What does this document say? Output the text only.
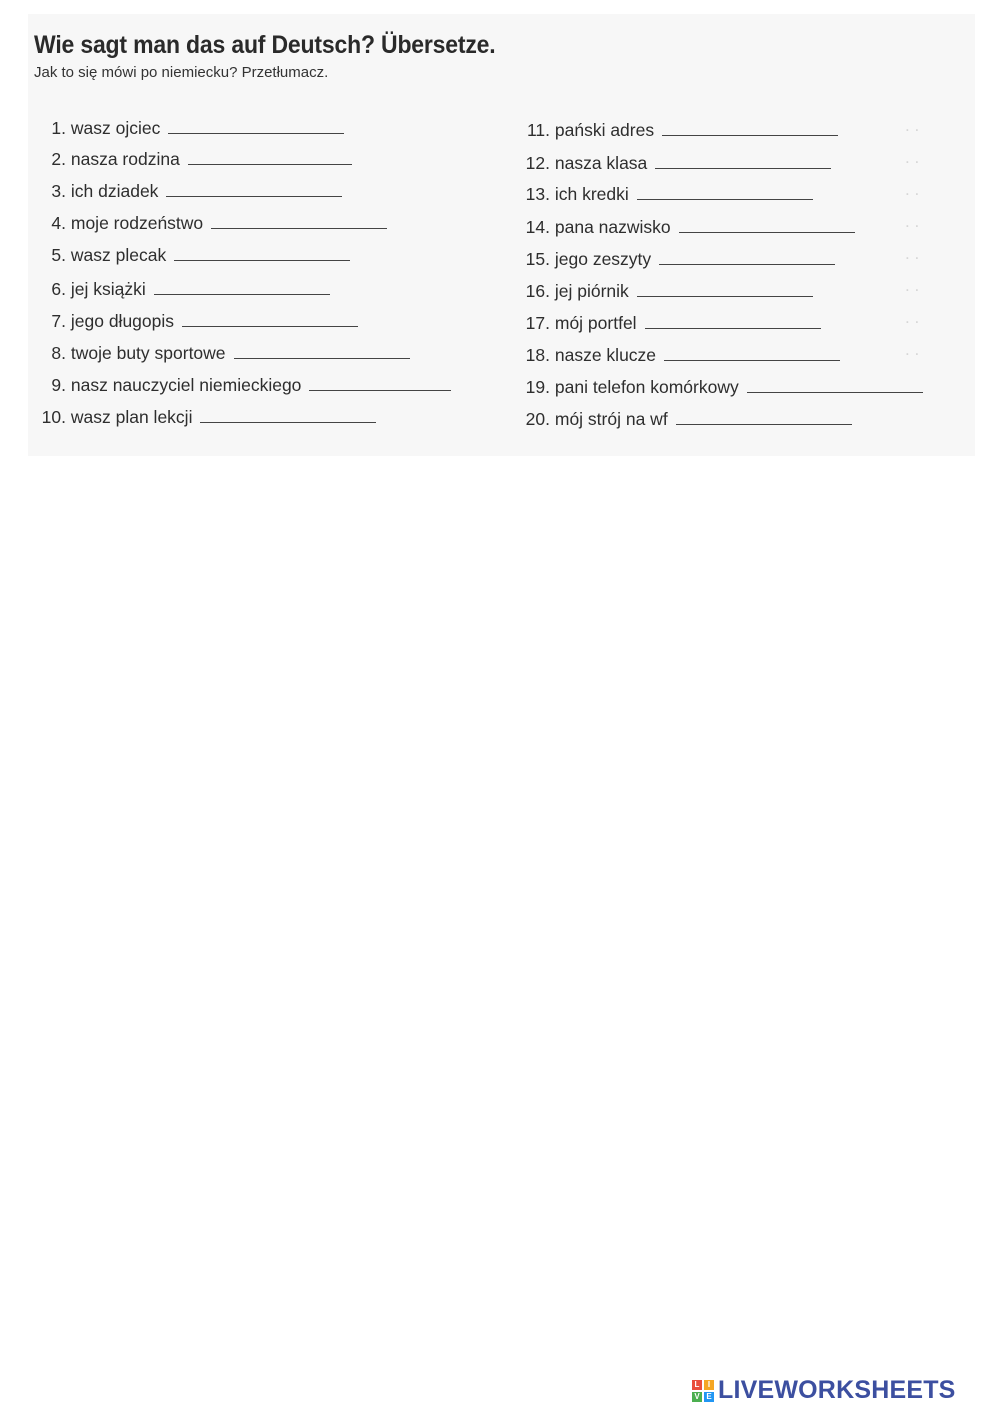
. .
. .
. .
. .
. .
. .
. .
. .
Wie sagt man das auf Deutsch? Übersetze.
Jak to się mówi po niemiecku? Przetłumacz.
1.
wasz ojciec
2.
nasza rodzina
3.
ich dziadek
4.
moje rodzeństwo
5.
wasz plecak
6.
jej książki
7.
jego długopis
8.
twoje buty sportowe
9.
nasz nauczyciel niemieckiego
10.
wasz plan lekcji
11.
pański adres
12.
nasza klasa
13.
ich kredki
14.
pana nazwisko
15.
jego zeszyty
16.
jej piórnik
17.
mój portfel
18.
nasze klucze
19.
pani telefon komórkowy
20.
mój strój na wf
L	I
V E LIVEWORKSHEETS
